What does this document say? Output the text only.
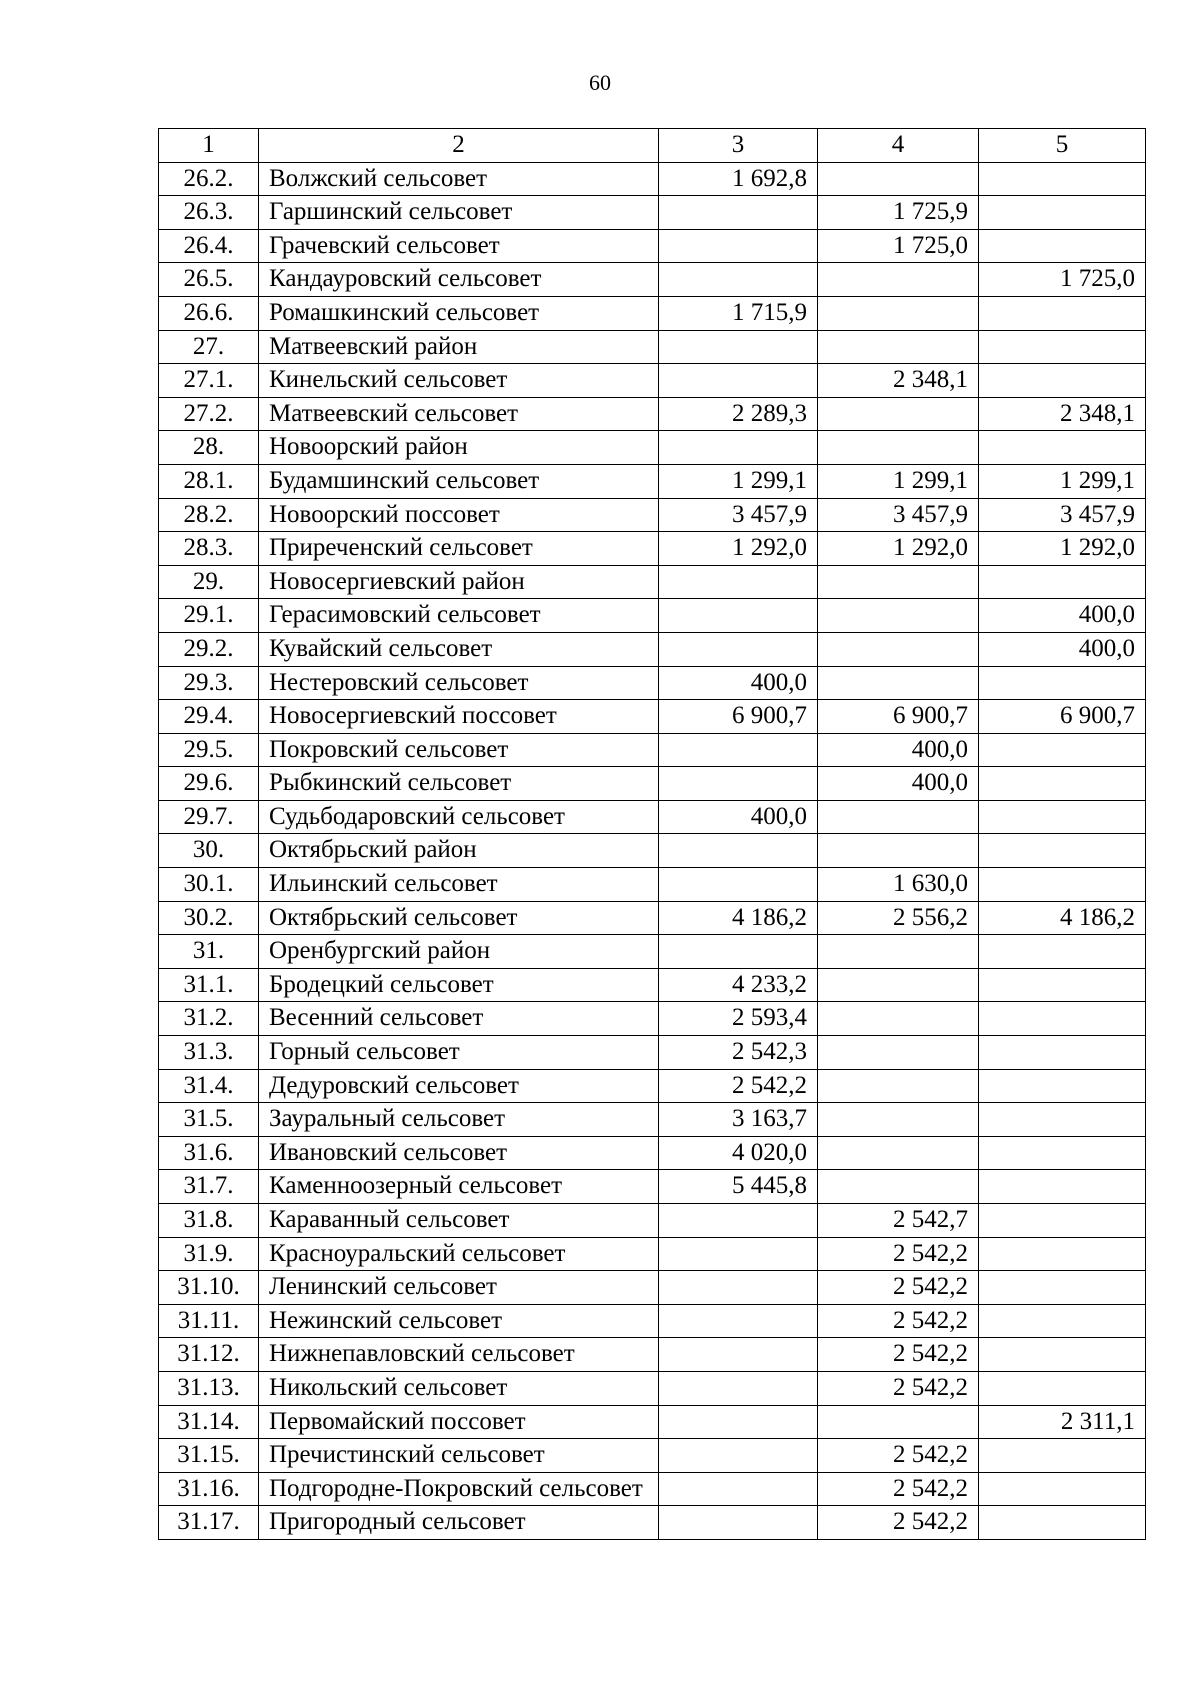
60
1	2	3	4	5
26.2.	Волжский сельсовет	1 692,8		
26.3.	Гаршинский сельсовет		1 725,9	
26.4.	Грачевский сельсовет		1 725,0	
26.5.	Кандауровский сельсовет			1 725,0
26.6.	Ромашкинский сельсовет	1 715,9		
27.	Матвеевский район			
27.1.	Кинельский сельсовет		2 348,1	
27.2.	Матвеевский сельсовет	2 289,3		2 348,1
28.	Новоорский район			
28.1.	Будамшинский сельсовет	1 299,1	1 299,1	1 299,1
28.2.	Новоорский поссовет	3 457,9	3 457,9	3 457,9
28.3.	Приреченский сельсовет	1 292,0	1 292,0	1 292,0
29.	Новосергиевский район			
29.1.	Герасимовский сельсовет			400,0
29.2.	Кувайский сельсовет			400,0
29.3.	Нестеровский сельсовет	400,0		
29.4.	Новосергиевский поссовет	6 900,7	6 900,7	6 900,7
29.5.	Покровский сельсовет		400,0	
29.6.	Рыбкинский сельсовет		400,0	
29.7.	Судьбодаровский сельсовет	400,0		
30.	Октябрьский район			
30.1.	Ильинский сельсовет		1 630,0	
30.2.	Октябрьский сельсовет	4 186,2	2 556,2	4 186,2
31.	Оренбургский район			
31.1.	Бродецкий сельсовет	4 233,2		
31.2.	Весенний сельсовет	2 593,4		
31.3.	Горный сельсовет	2 542,3		
31.4.	Дедуровский сельсовет	2 542,2		
31.5.	Зауральный сельсовет	3 163,7		
31.6.	Ивановский сельсовет	4 020,0		
31.7.	Каменноозерный сельсовет	5 445,8		
31.8.	Караванный сельсовет		2 542,7	
31.9.	Красноуральский сельсовет		2 542,2	
31.10.	Ленинский сельсовет		2 542,2	
31.11.	Нежинский сельсовет		2 542,2	
31.12.	Нижнепавловский сельсовет		2 542,2	
31.13.	Никольский сельсовет		2 542,2	
31.14.	Первомайский поссовет			2 311,1
31.15.	Пречистинский сельсовет		2 542,2	
31.16.	Подгородне-Покровский сельсовет		2 542,2	
31.17.	Пригородный сельсовет		2 542,2	
